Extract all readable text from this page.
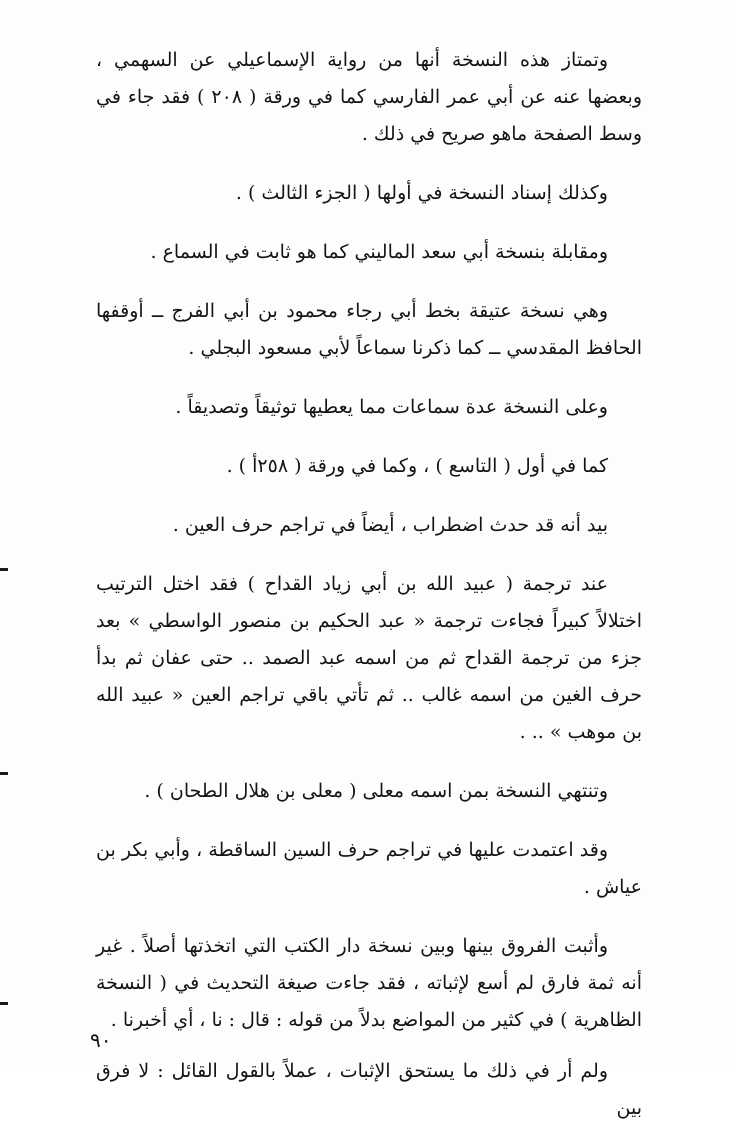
وتمتاز هذه النسخة أنها من رواية الإسماعيلي عن السهمي ، وبعضها عنه عن أبي عمر الفارسي كما في ورقة ( ٢٠٨ ) فقد جاء في وسط الصفحة ماهو صريح في ذلك .

وكذلك إسناد النسخة في أولها ( الجزء الثالث ) .

ومقابلة بنسخة أبي سعد الماليني كما هو ثابت في السماع .

وهي نسخة عتيقة بخط أبي رجاء محمود بن أبي الفرج ــ أوقفها الحافظ المقدسي ــ كما ذكرنا سماعاً لأبي مسعود البجلي .

وعلى النسخة عدة سماعات مما يعطيها توثيقاً وتصديقاً .

كما في أول ( التاسع ) ، وكما في ورقة ( ٢٥٨أ ) .

بيد أنه قد حدث اضطراب ، أيضاً في تراجم حرف العين .

عند ترجمة ( عبيد الله بن أبي زياد القداح ) فقد اختل الترتيب اختلالاً كبيراً فجاءت ترجمة « عبد الحكيم بن منصور الواسطي » بعد جزء من ترجمة القداح ثم من اسمه عبد الصمد .. حتى عفان ثم بدأ حرف الغين من اسمه غالب .. ثم تأتي باقي تراجم العين « عبيد الله بن موهب » .. .

وتنتهي النسخة بمن اسمه معلى ( معلى بن هلال الطحان ) .

وقد اعتمدت عليها في تراجم حرف السين الساقطة ، وأبي بكر بن عياش .

وأثبت الفروق بينها وبين نسخة دار الكتب التي اتخذتها أصلاً . غير أنه ثمة فارق لم أسع لإثباته ، فقد جاءت صيغة التحديث في ( النسخة الظاهرية ) في كثير من المواضع بدلاً من قوله : قال : نا ، أي أخبرنا .

ولم أر في ذلك ما يستحق الإثبات ، عملاً بالقول القائل : لا فرق بين

٩٠
